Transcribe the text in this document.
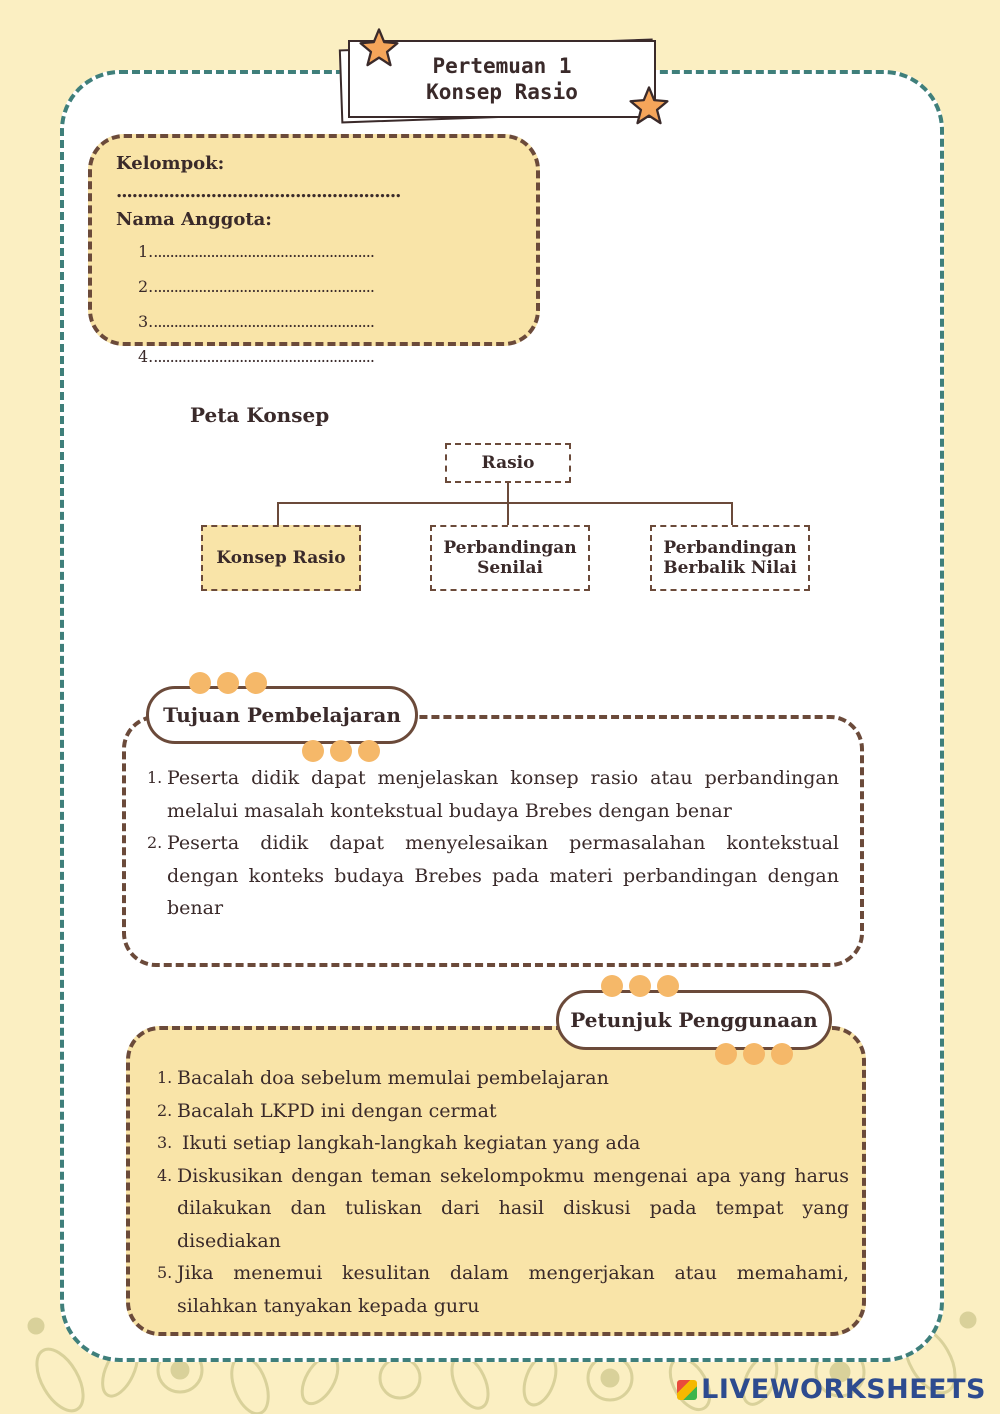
Pertemuan 1
Konsep Rasio
Kelompok: ......................................................
Nama Anggota:
1.......................................................
2.......................................................
3.......................................................
4.......................................................
Peta Konsep
Rasio
Konsep Rasio	Perbandingan Senilai
Perbandingan Berbalik Nilai
Tujuan Pembelajaran
1. Peserta didik dapat menjelaskan konsep rasio atau perbandingan melalui masalah kontekstual budaya Brebes dengan benar
2. Peserta didik dapat menyelesaikan permasalahan kontekstual dengan konteks budaya Brebes pada materi perbandingan dengan benar
Petunjuk Penggunaan
1. Bacalah doa sebelum memulai pembelajaran
2. Bacalah LKPD ini dengan cermat
3. Ikuti setiap langkah-langkah kegiatan yang ada
4. Diskusikan dengan teman sekelompokmu mengenai apa yang harus dilakukan dan tuliskan dari hasil diskusi pada tempat yang disediakan
5. Jika menemui kesulitan dalam mengerjakan atau memahami, silahkan tanyakan kepada guru
LIVEWORKSHEETS
